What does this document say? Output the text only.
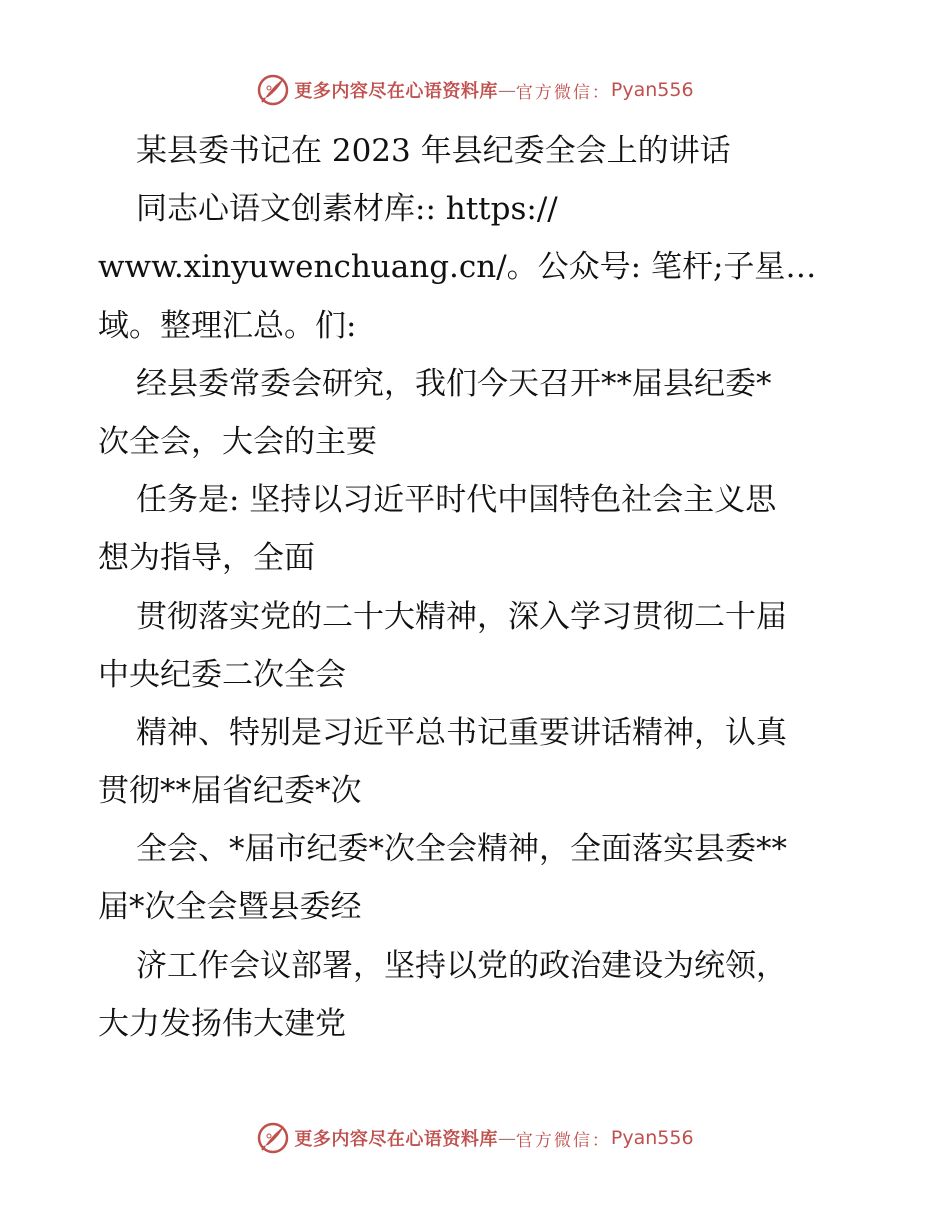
更多内容尽在心语资料库 — 官方微信： Pyan556
某县委书记在 2023 年县纪委全会上的讲话
同志心语文创素材库:: https://
www.xinyuwenchuang.cn/。公众号: 笔杆;子星…
域。整理汇总。们:
经县委常委会研究，我们今天召开**届县纪委*
次全会，大会的主要
任务是: 坚持以习近平时代中国特色社会主义思
想为指导，全面
贯彻落实党的二十大精神，深入学习贯彻二十届
中央纪委二次全会
精神、特别是习近平总书记重要讲话精神，认真
贯彻**届省纪委*次
全会、*届市纪委*次全会精神，全面落实县委**
届*次全会暨县委经
济工作会议部署，坚持以党的政治建设为统领，
大力发扬伟大建党
更多内容尽在心语资料库 — 官方微信： Pyan556
